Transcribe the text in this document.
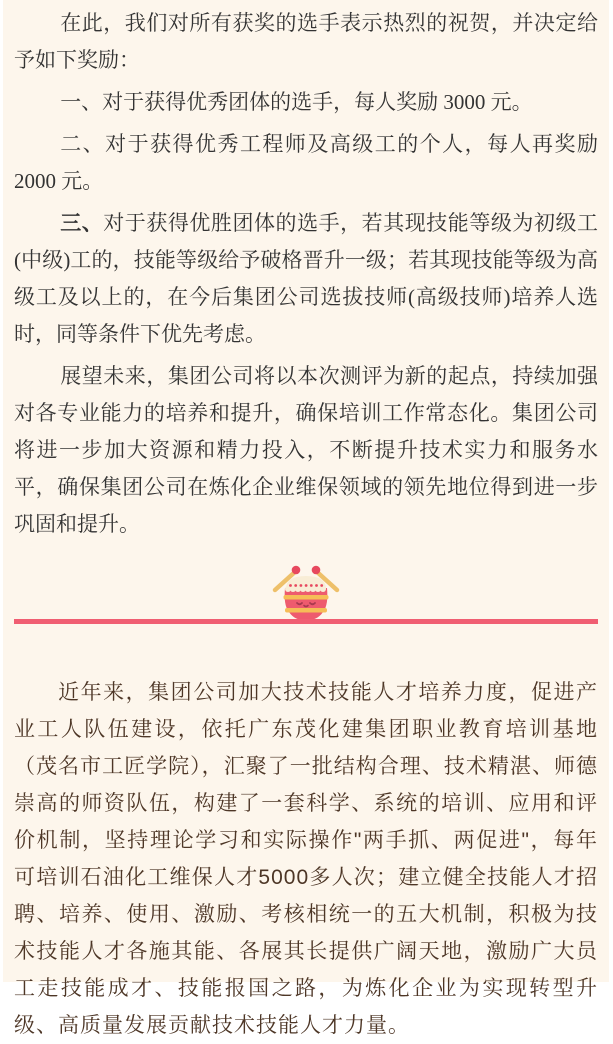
在此，我们对所有获奖的选手表示热烈的祝贺，并决定给予如下奖励：

一、对于获得优秀团体的选手，每人奖励 3000 元。

二、对于获得优秀工程师及高级工的个人，每人再奖励 2000 元。

三、对于获得优胜团体的选手，若其现技能等级为初级工(中级)工的，技能等级给予破格晋升一级；若其现技能等级为高级工及以上的，在今后集团公司选拔技师(高级技师)培养人选时，同等条件下优先考虑。

展望未来，集团公司将以本次测评为新的起点，持续加强对各专业能力的培养和提升，确保培训工作常态化。集团公司将进一步加大资源和精力投入，不断提升技术实力和服务水平，确保集团公司在炼化企业维保领域的领先地位得到进一步巩固和提升。

近年来，集团公司加大技术技能人才培养力度，促进产业工人队伍建设，依托广东茂化建集团职业教育培训基地（茂名市工匠学院），汇聚了一批结构合理、技术精湛、师德崇高的师资队伍，构建了一套科学、系统的培训、应用和评价机制，坚持理论学习和实际操作"两手抓、两促进"，每年可培训石油化工维保人才5000多人次；建立健全技能人才招聘、培养、使用、激励、考核相统一的五大机制，积极为技术技能人才各施其能、各展其长提供广阔天地，激励广大员工走技能成才、技能报国之路，为炼化企业为实现转型升级、高质量发展贡献技术技能人才力量。
